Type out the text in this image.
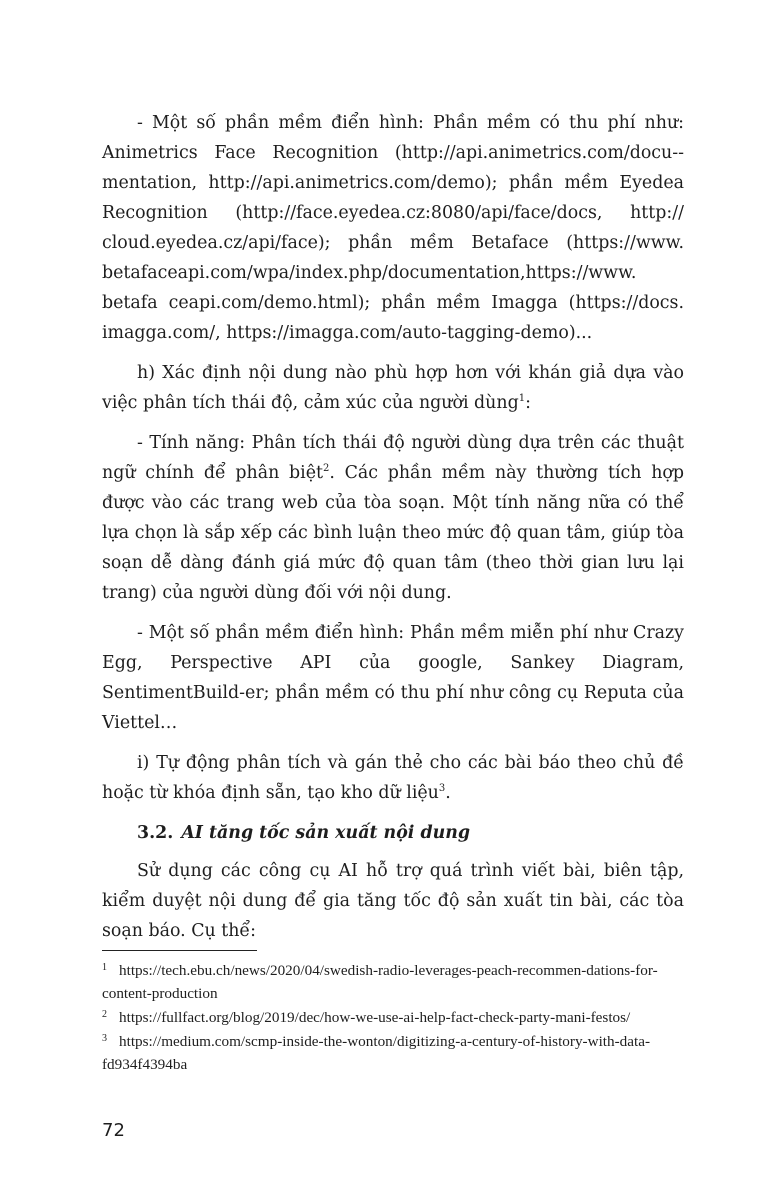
- Một số phần mềm điển hình: Phần mềm có thu phí như: Animetrics Face Recognition (http://api.animetrics.com/docu-mentation, http://api.animetrics.com/demo); phần mềm Eyedea Recognition (http://face.eyedea.cz:8080/api/face/docs, http://​cloud.eyedea.cz/api/face); phần mềm Betaface (https://www.​betafaceapi.com/wpa/index.php/documentation,https://www.​betafa ceapi.com/demo.html); phần mềm Imagga (https://docs.​imagga.com/, https://imagga.com/auto-tagging-demo)...

h) Xác định nội dung nào phù hợp hơn với khán giả dựa vào việc phân tích thái độ, cảm xúc của người dùng$^1$:

- Tính năng: Phân tích thái độ người dùng dựa trên các thuật ngữ chính để phân biệt$^2$. Các phần mềm này thường tích hợp được vào các trang web của tòa soạn. Một tính năng nữa có thể lựa chọn là sắp xếp các bình luận theo mức độ quan tâm, giúp tòa soạn dễ dàng đánh giá mức độ quan tâm (theo thời gian lưu lại trang) của người dùng đối với nội dung.

- Một số phần mềm điển hình: Phần mềm miễn phí như Crazy Egg, Perspective API của google, Sankey Diagram, SentimentBuild-er; phần mềm có thu phí như công cụ Reputa của Viettel…

i) Tự động phân tích và gán thẻ cho các bài báo theo chủ đề hoặc từ khóa định sẵn, tạo kho dữ liệu$^3$.

3.2. AI tăng tốc sản xuất nội dung

Sử dụng các công cụ AI hỗ trợ quá trình viết bài, biên tập, kiểm duyệt nội dung để gia tăng tốc độ sản xuất tin bài, các tòa soạn báo. Cụ thể:

$^1$ https://tech.ebu.ch/news/2020/04/swedish-radio-leverages-peach-recommen-dations-for-content-production
$^2$ https://fullfact.org/blog/2019/dec/how-we-use-ai-help-fact-check-party-mani-festos/
$^3$ https://medium.com/scmp-inside-the-wonton/digitizing-a-century-of-history-with-data-fd934f4394ba
72
